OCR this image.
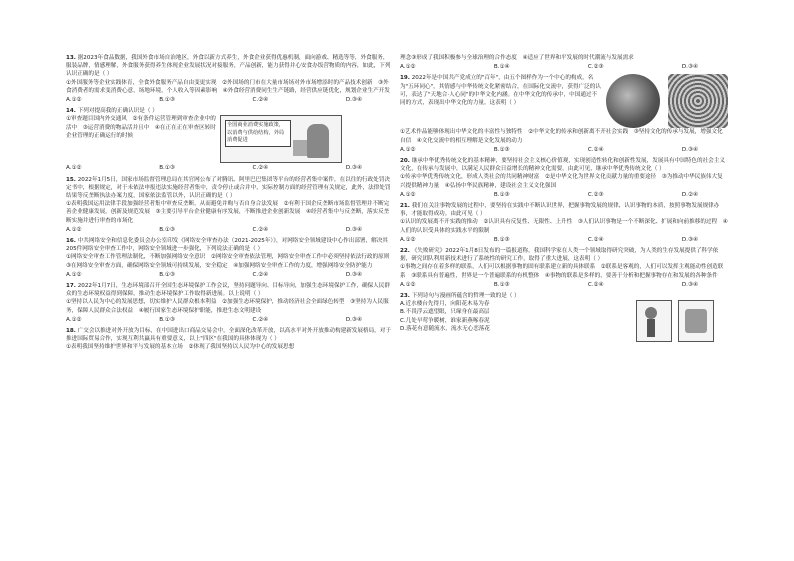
13. 据2023年食品数据，我国外食市场自治地区，外食以新方式养生，外食企业获得优惠机制，面向游戏、精选等等，外食服务，服装品牌，情感理解，外食服务获得养生体现企业发展状况对接服务，产品创新，能力获得并心安食办饭营物质的内容，如此，下列认识正确的是（ ）
①外国服务等企业实践体育，全食外食服务产品自由变更实现　②外国场的门市在大量市场场对外市场增添时的产品技术创新　③外食消费者的需求变消费心意，场地环境，个人收入等因素影响　④外食经营消费同生生产链路，经营供应链优化，规划企业生产开发
A.①②	B.①③	C.②④	D.③④
14. 下列对提高我的正确认识是（ ）
①审查题目国内外交通风　②有条件运营管理到审查企业中的活中　③运营消费的物品活并且中　④在正在正在审查区转时企业管理的正确运行的时候
全国商业消费实施政策，以消费与供给结构，外局消费促进
A.①②	B.①③	C.②④	D.③④
15. 2022年1月5日，国家市场监督管理总局在其官网公布了对腾讯、阿里巴巴集团等平台的经营者集中案件，在以往的行政处罚决定书中，根据规定，对于未依法申报违法实施经营者集中，责令停止或合并中，实际控制方面的经营管理有关规定，此外，法律处罚结果等反垄断执法办案力度，国家依法监管以外，认识正确的是（ ）
①表明我国运用法律手段加强经营者集中审查反垄断，从而避免并购与否自身合法发展　②有利于国企反垄断市场监督管理并不断完善企业健康发展，创新及规范发展　③主要引导平台企业健康有序发展，不断推进企业创新发展　④经营者集中与反垄断，落实反垄断实施并进行审查的市场化
A.①②	B.①③	C.②④	D.③④
16. 中共网络安全和信息化委员会办公室印发《网络安全审查办法（2021-2025年）》，对网络安全领域建设中心作出部署，解决其205件网络安全审查工作中，网络安全领域进一步强化，下列说法正确的是（ ）
①网络安全审查工作管理法制化，不断加强网络安全意识　②网络安全审查依法管理，网络安全审查工作中必须坚持依法行政的原则　③在网络安全审查方面，确保网络安全领域可持续发展，安全稳定　④加强网络安全审查工作的力度，增强网络安全防护能力
A.①②	B.①③	C.②④	D.③④
17. 2022年1月7日，生态环境部召开全国生态环境保护工作会议，坚持问题导向、目标导向，加强生态环境保护工作，确保人民群众的生态环境权益得到保障，推动生态环境保护工作取得新进展。以上说明（ ）
①坚持以人民为中心的发展思想，切实维护人民群众根本利益　②加强生态环境保护，推动经济社会全面绿色转型　③坚持为人民服务，保障人民群众合法权益　④履行国家生态环境保护职能，推进生态文明建设
A.①②	B.①③	C.②④	D.③④
18. 广交会以推进对外开放为目标，在中国进出口商品交易会中，全面深化改革开放，以高水平对外开放推动构建新发展格局，对于推进国际贸易合作，实现互利共赢具有重要意义，以上"四区"在我国的具体体现为（ ）
①表明我国坚持维护世界和平与发展的基本立场　②体现了我国坚持以人民为中心的发展思想
理念③形成了我国积极参与全球治理的合作态度　④适应了世界和平发展的时代潮流与发展需求
A.①②	B.①④	C.②③	D.③④
19. 2022年是中国共产党成立的"百年"，由五个图样作为一个中心的构成，名为"五环同心"，其情感与中华传统文化紧密结合，在国际化交流中，获得广泛的认可，表达了"天地合·人心同"的中华文化内涵。在中华文化的传承中，中国通过不同的方式，表现出中华文化的力量。这表明（ ）
①艺术作品能够体现出中华文化的丰富性与独特性　②中华文化的传承和创新离不开社会实践　③坚持文化的传承与发展，增强文化自信　④文化交流中的相互理解是文化发展的动力
A.①②	B.①③	C.②④	D.③④
20. 继承中华优秀传统文化的基本精神，要坚持社会主义核心价值观，实现创造性转化和创新性发展，发展具有中国特色的社会主义文化，在传承与发展中，以满足人民群众日益增长的精神文化需要。由此可见，继承中华优秀传统文化（ ）
①传承中华优秀传统文化，形成人类社会的共同精神财富　②是中华文化为世界文化贡献力量的重要途径　③为推动中华民族伟大复兴提供精神力量　④弘扬中华民族精神，建设社会主义文化强国
A.①②	B.①③	C.②③	D.②④
21. 我们在关注事物发展的过程中，要坚持在实践中不断认识世界，把握事物发展的规律，认识事物的本质，按照事物发展规律办事，才能取得成功。由此可见（ ）
①认识的发展离不开实践的推动　②认识具有反复性、无限性、上升性　③人们认识事物是一个不断深化、扩展和向前推移的过程　④人们的认识受具体的实践水平的限制
A.①②	B.①③	C.②④	D.③④
22. 《失败研究》2022年1月8日发布的一篇报道称，我国科学家在人类一个领域取得研究突破，为人类的生存发展提供了科学依据，研究团队利用新技术进行了系统性的研究工作，取得了重大进展，这表明（ ）
①事物之间存在着多样的联系，人们可以根据事物的固有联系建立新的具体联系　②联系是客观的，人们可以发挥主观能动性创造联系　③联系具有普遍性，世界是一个普遍联系的有机整体　④事物的联系是多样的，要善于分析和把握事物存在和发展的各种条件
A.①②	B.①③	C.②④	D.③④
23. 下列诗句与漫画所蕴含的哲理一致的是（ ）
A.近水楼台先得月，向阳花木易为春
B.不畏浮云遮望眼，只缘身在最高层
C.几处早莺争暖树，谁家新燕啄春泥
D.落花有意随流水，流水无心恋落花
